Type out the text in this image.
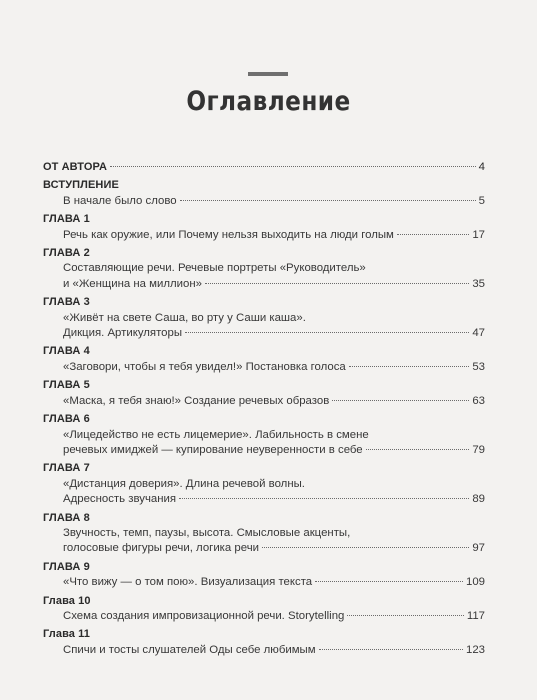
Оглавление
ОТ АВТОРА	4
ВСТУПЛЕНИЕ
В начале было слово	5
ГЛАВА 1
Речь как оружие, или Почему нельзя выходить на люди голым	17
ГЛАВА 2
Составляющие речи. Речевые портреты «Руководитель»
и «Женщина на миллион»	35
ГЛАВА 3
«Живёт на свете Саша, во рту у Саши каша».
Дикция. Артикуляторы	47
ГЛАВА 4
«Заговори, чтобы я тебя увидел!» Постановка голоса	53
ГЛАВА 5
«Маска, я тебя знаю!» Создание речевых образов	63
ГЛАВА 6
«Лицедейство не есть лицемерие». Лабильность в смене
речевых имиджей — купирование неуверенности в себе	79
ГЛАВА 7
«Дистанция доверия». Длина речевой волны.
Адресность звучания	89
ГЛАВА 8
Звучность, темп, паузы, высота. Смысловые акценты,
голосовые фигуры речи, логика речи	97
ГЛАВА 9
«Что вижу — о том пою». Визуализация текста	109
Глава 10
Схема создания импровизационной речи. Storytelling	117
Глава 11
Спичи и тосты слушателей Оды себе любимым	123
